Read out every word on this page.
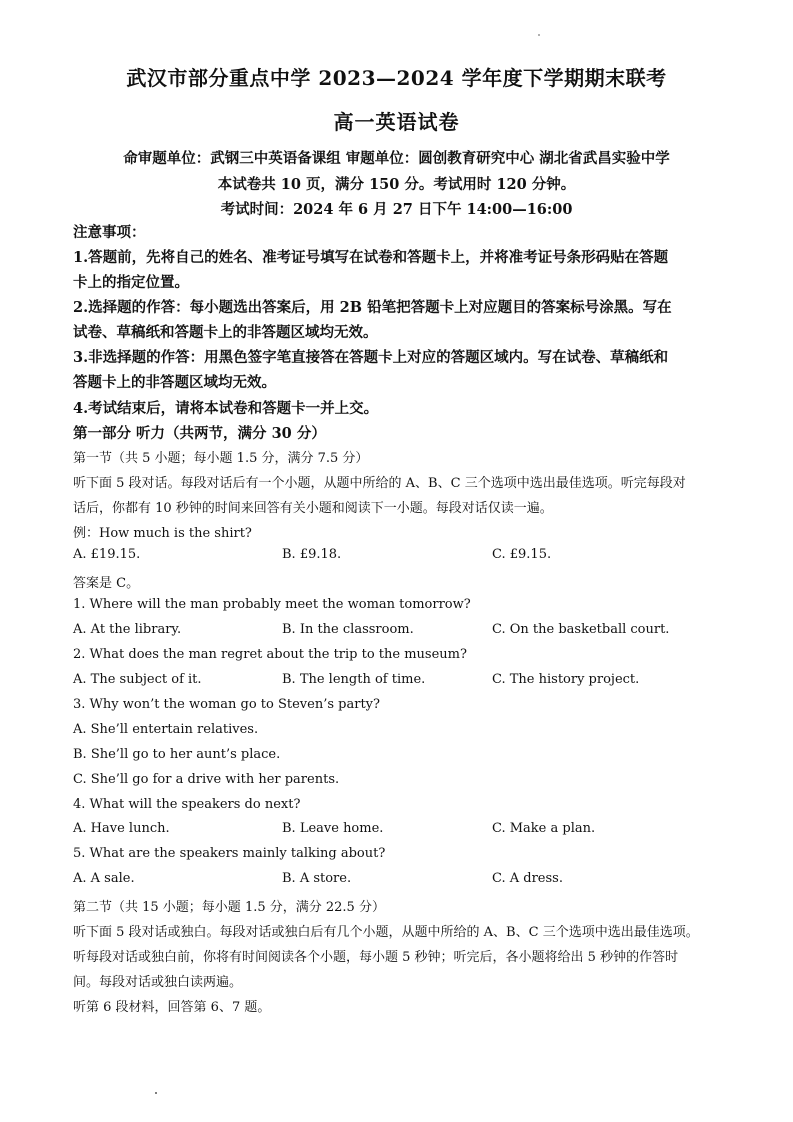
武汉市部分重点中学 2023—2024 学年度下学期期末联考
高一英语试卷
命审题单位：武钢三中英语备课组 审题单位：圆创教育研究中心 湖北省武昌实验中学
本试卷共 10 页，满分 150 分。考试用时 120 分钟。
考试时间：2024 年 6 月 27 日下午 14:00—16:00
注意事项：
1.答题前，先将自己的姓名、准考证号填写在试卷和答题卡上，并将准考证号条形码贴在答题
卡上的指定位置。
2.选择题的作答：每小题选出答案后，用 2B 铅笔把答题卡上对应题目的答案标号涂黑。写在
试卷、草稿纸和答题卡上的非答题区域均无效。
3.非选择题的作答：用黑色签字笔直接答在答题卡上对应的答题区域内。写在试卷、草稿纸和
答题卡上的非答题区域均无效。
4.考试结束后，请将本试卷和答题卡一并上交。
第一部分 听力（共两节，满分 30 分）
第一节（共 5 小题；每小题 1.5 分，满分 7.5 分）
听下面 5 段对话。每段对话后有一个小题，从题中所给的 A、B、C 三个选项中选出最佳选项。听完每段对
话后，你都有 10 秒钟的时间来回答有关小题和阅读下一小题。每段对话仅读一遍。
例：How much is the shirt?
A. £19.15.	B. £9.18.	C. £9.15.
答案是 C。
1. Where will the man probably meet the woman tomorrow?
A. At the library.	B. In the classroom.	C. On the basketball court.
2. What does the man regret about the trip to the museum?
A. The subject of it.	B. The length of time.	C. The history project.
3. Why won’t the woman go to Steven’s party?
A. She’ll entertain relatives.
B. She’ll go to her aunt’s place.
C. She’ll go for a drive with her parents.
4. What will the speakers do next?
A. Have lunch.	B. Leave home.	C. Make a plan.
5. What are the speakers mainly talking about?
A. A sale.	B. A store.	C. A dress.
第二节（共 15 小题；每小题 1.5 分，满分 22.5 分）
听下面 5 段对话或独白。每段对话或独白后有几个小题，从题中所给的 A、B、C 三个选项中选出最佳选项。
听每段对话或独白前，你将有时间阅读各个小题，每小题 5 秒钟；听完后，各小题将给出 5 秒钟的作答时
间。每段对话或独白读两遍。
听第 6 段材料，回答第 6、7 题。
